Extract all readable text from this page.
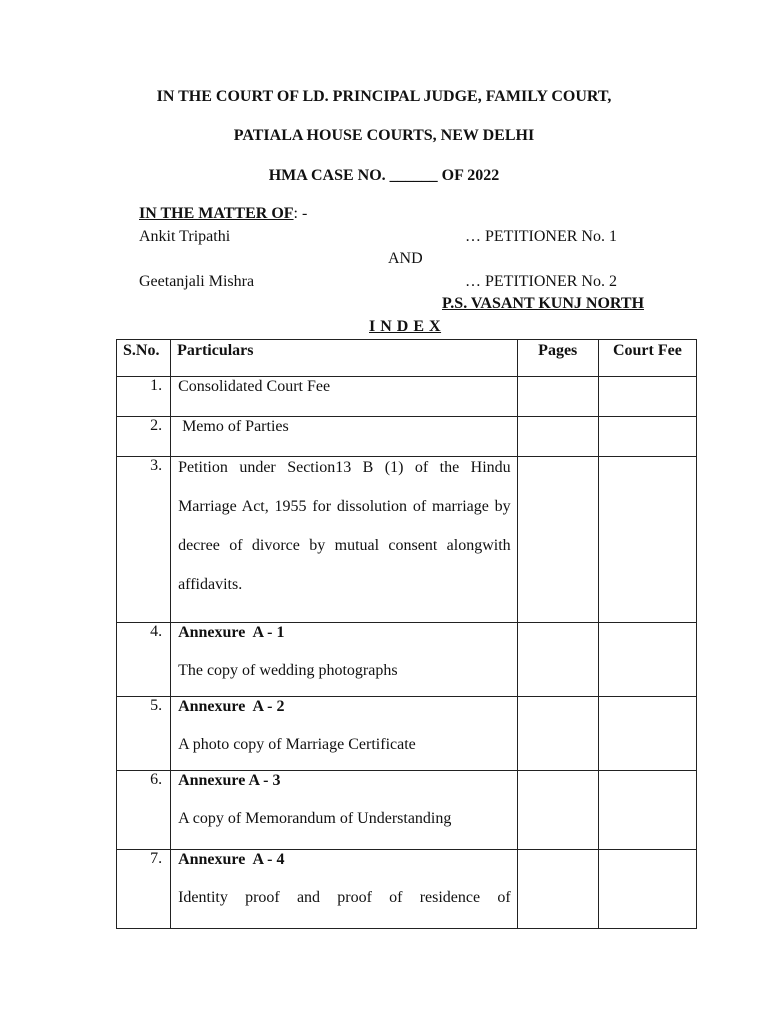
IN THE COURT OF LD. PRINCIPAL JUDGE, FAMILY COURT,
PATIALA HOUSE COURTS, NEW DELHI
HMA CASE NO. ______ OF 2022
IN THE MATTER OF: -
Ankit Tripathi	… PETITIONER No. 1
AND
Geetanjali Mishra	… PETITIONER No. 2
P.S. VASANT KUNJ NORTH
I N D E X
S.No.	Particulars	Pages	Court Fee

1.	Consolidated Court Fee		

2.	Memo of Parties		

3.	Petition under Section13 B (1) of the Hindu Marriage Act, 1955 for dissolution of marriage by decree of divorce by mutual consent alongwith affidavits.		

4.	Annexure  A - 1
The copy of wedding photographs		

5.	Annexure  A - 2
A photo copy of Marriage Certificate		

6.	Annexure A - 3
A copy of Memorandum of Understanding		

7.	Annexure  A - 4
Identity proof and proof of residence of		
